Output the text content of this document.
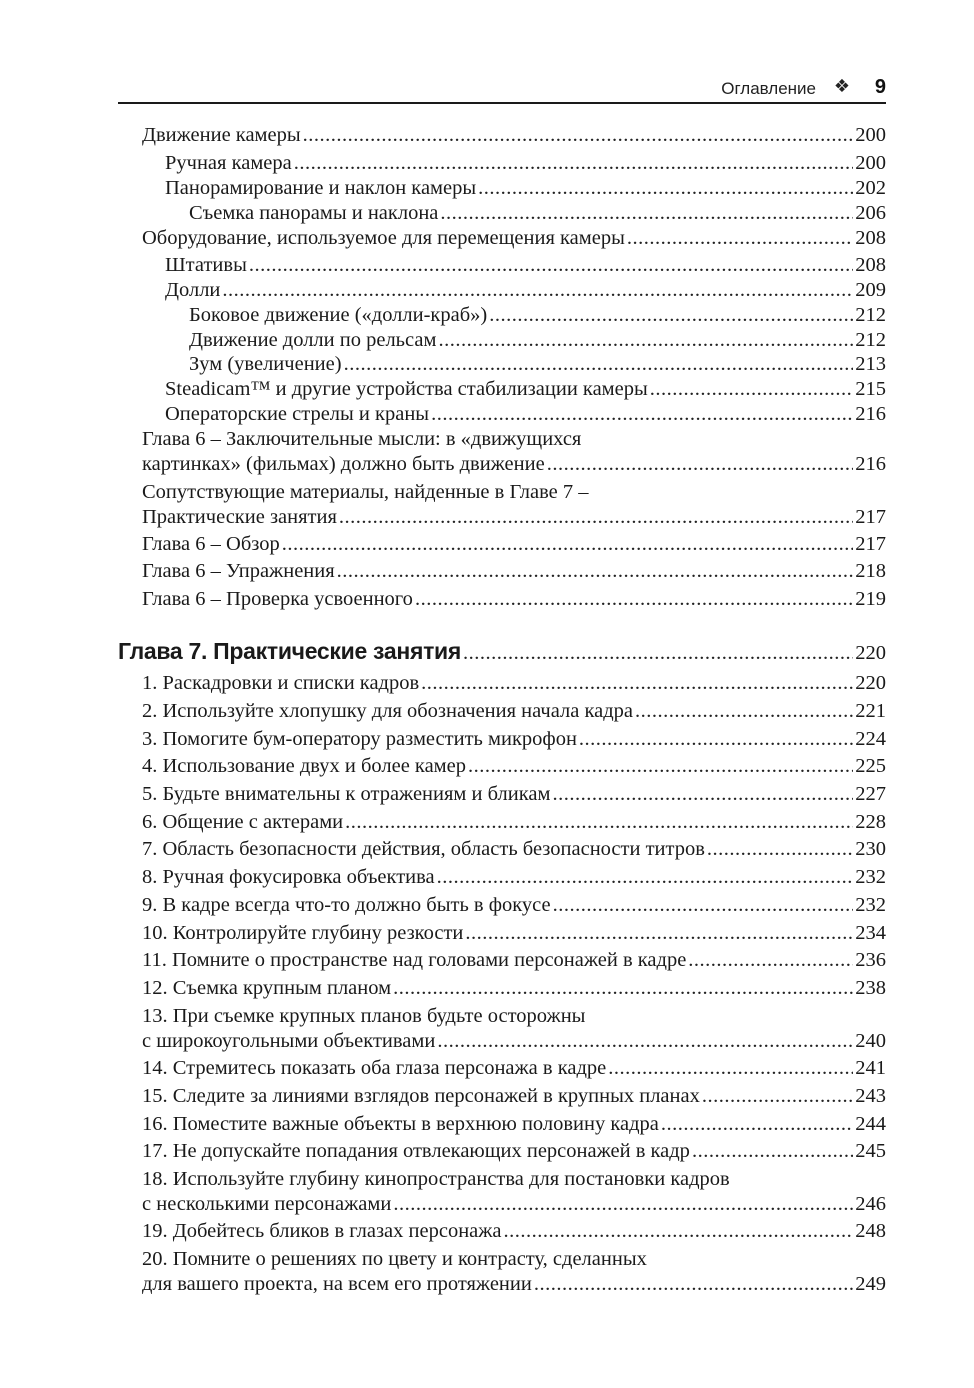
Оглавление ❖ 9
Движение камеры .....	200
Ручная камера .....	200
Панорамирование и наклон камеры .....	202
Съемка панорамы и наклона .....	206
Оборудование, используемое для перемещения камеры .....	208
Штативы .....	208
Долли .....	209
Боковое движение («долли-краб») .....	212
Движение долли по рельсам .....	212
Зум (увеличение) .....	213
Steadicam™ и другие устройства стабилизации камеры .....	215
Операторские стрелы и краны .....	216
Глава 6 – Заключительные мысли: в «движущихся
картинках» (фильмах) должно быть движение .....	216
Сопутствующие материалы, найденные в Главе 7 –
Практические занятия .....	217
Глава 6 – Обзор .....	217
Глава 6 – Упражнения .....	218
Глава 6 – Проверка усвоенного .....	219
Глава 7. Практические занятия .....	220
1. Раскадровки и списки кадров .....	220
2. Используйте хлопушку для обозначения начала кадра .....	221
3. Помогите бум-оператору разместить микрофон .....	224
4. Использование двух и более камер .....	225
5. Будьте внимательны к отражениям и бликам .....	227
6. Общение с актерами .....	228
7. Область безопасности действия, область безопасности титров .....	230
8. Ручная фокусировка объектива .....	232
9. В кадре всегда что-то должно быть в фокусе .....	232
10. Контролируйте глубину резкости .....	234
11. Помните о пространстве над головами персонажей в кадре .....	236
12. Съемка крупным планом .....	238
13. При съемке крупных планов будьте осторожны
с широкоугольными объективами .....	240
14. Стремитесь показать оба глаза персонажа в кадре .....	241
15. Следите за линиями взглядов персонажей в крупных планах .....	243
16. Поместите важные объекты в верхнюю половину кадра .....	244
17. Не допускайте попадания отвлекающих персонажей в кадр .....	245
18. Используйте глубину кинопространства для постановки кадров
с несколькими персонажами .....	246
19. Добейтесь бликов в глазах персонажа .....	248
20. Помните о решениях по цвету и контрасту, сделанных
для вашего проекта, на всем его протяжении .....	249
